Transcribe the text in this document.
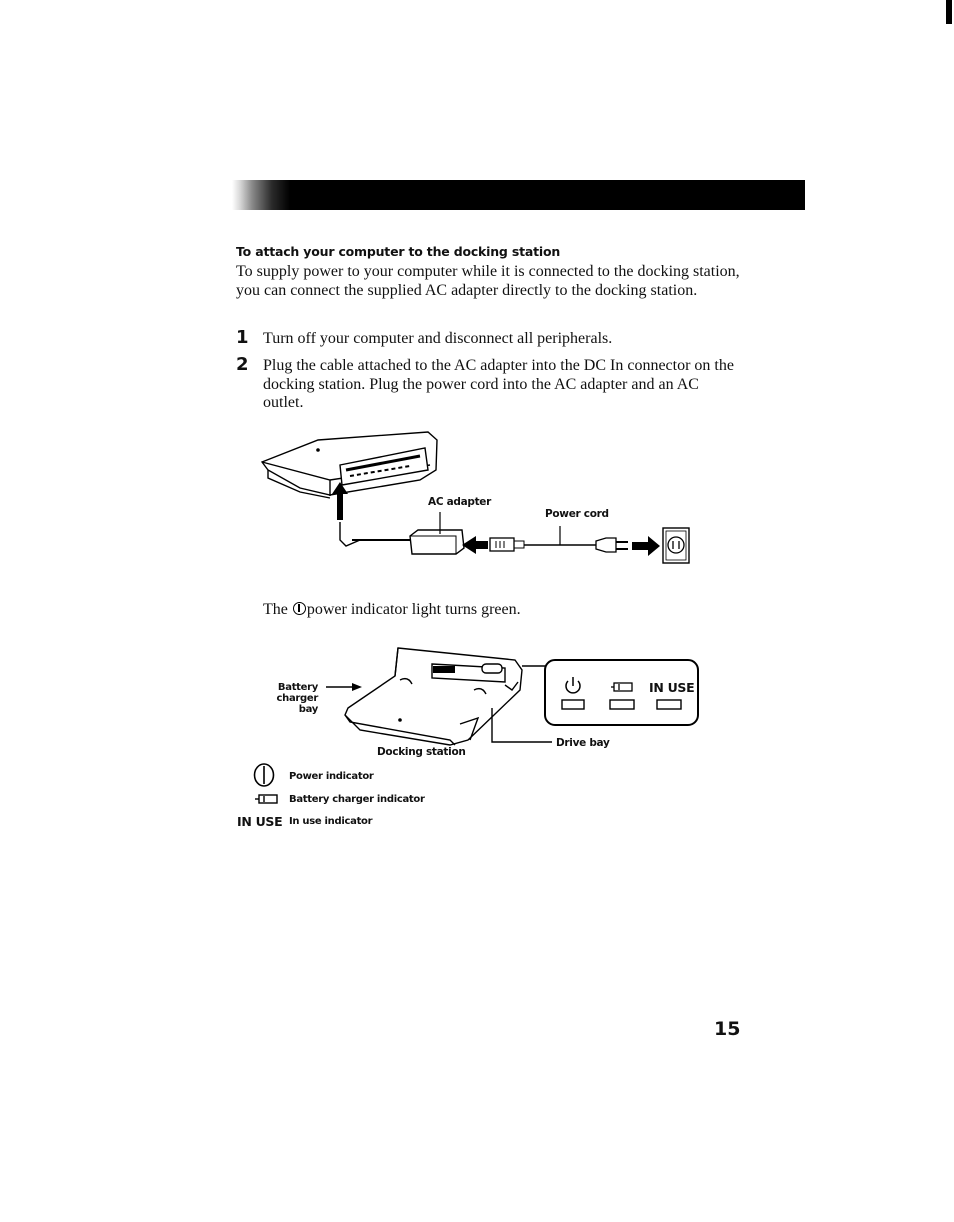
To attach your computer to the docking station
To supply power to your computer while it is connected to the docking station, you can connect the supplied AC adapter directly to the docking station.
1 Turn off your computer and disconnect all peripherals.
2 Plug the cable attached to the AC adapter into the DC In connector on the docking station. Plug the power cord into the AC adapter and an AC outlet.
AC adapter
Power cord
The power indicator light turns green.
IN USE
Battery charger
bay
Docking station
Drive bay
Power indicator
Battery charger indicator
IN USE In use indicator
15
